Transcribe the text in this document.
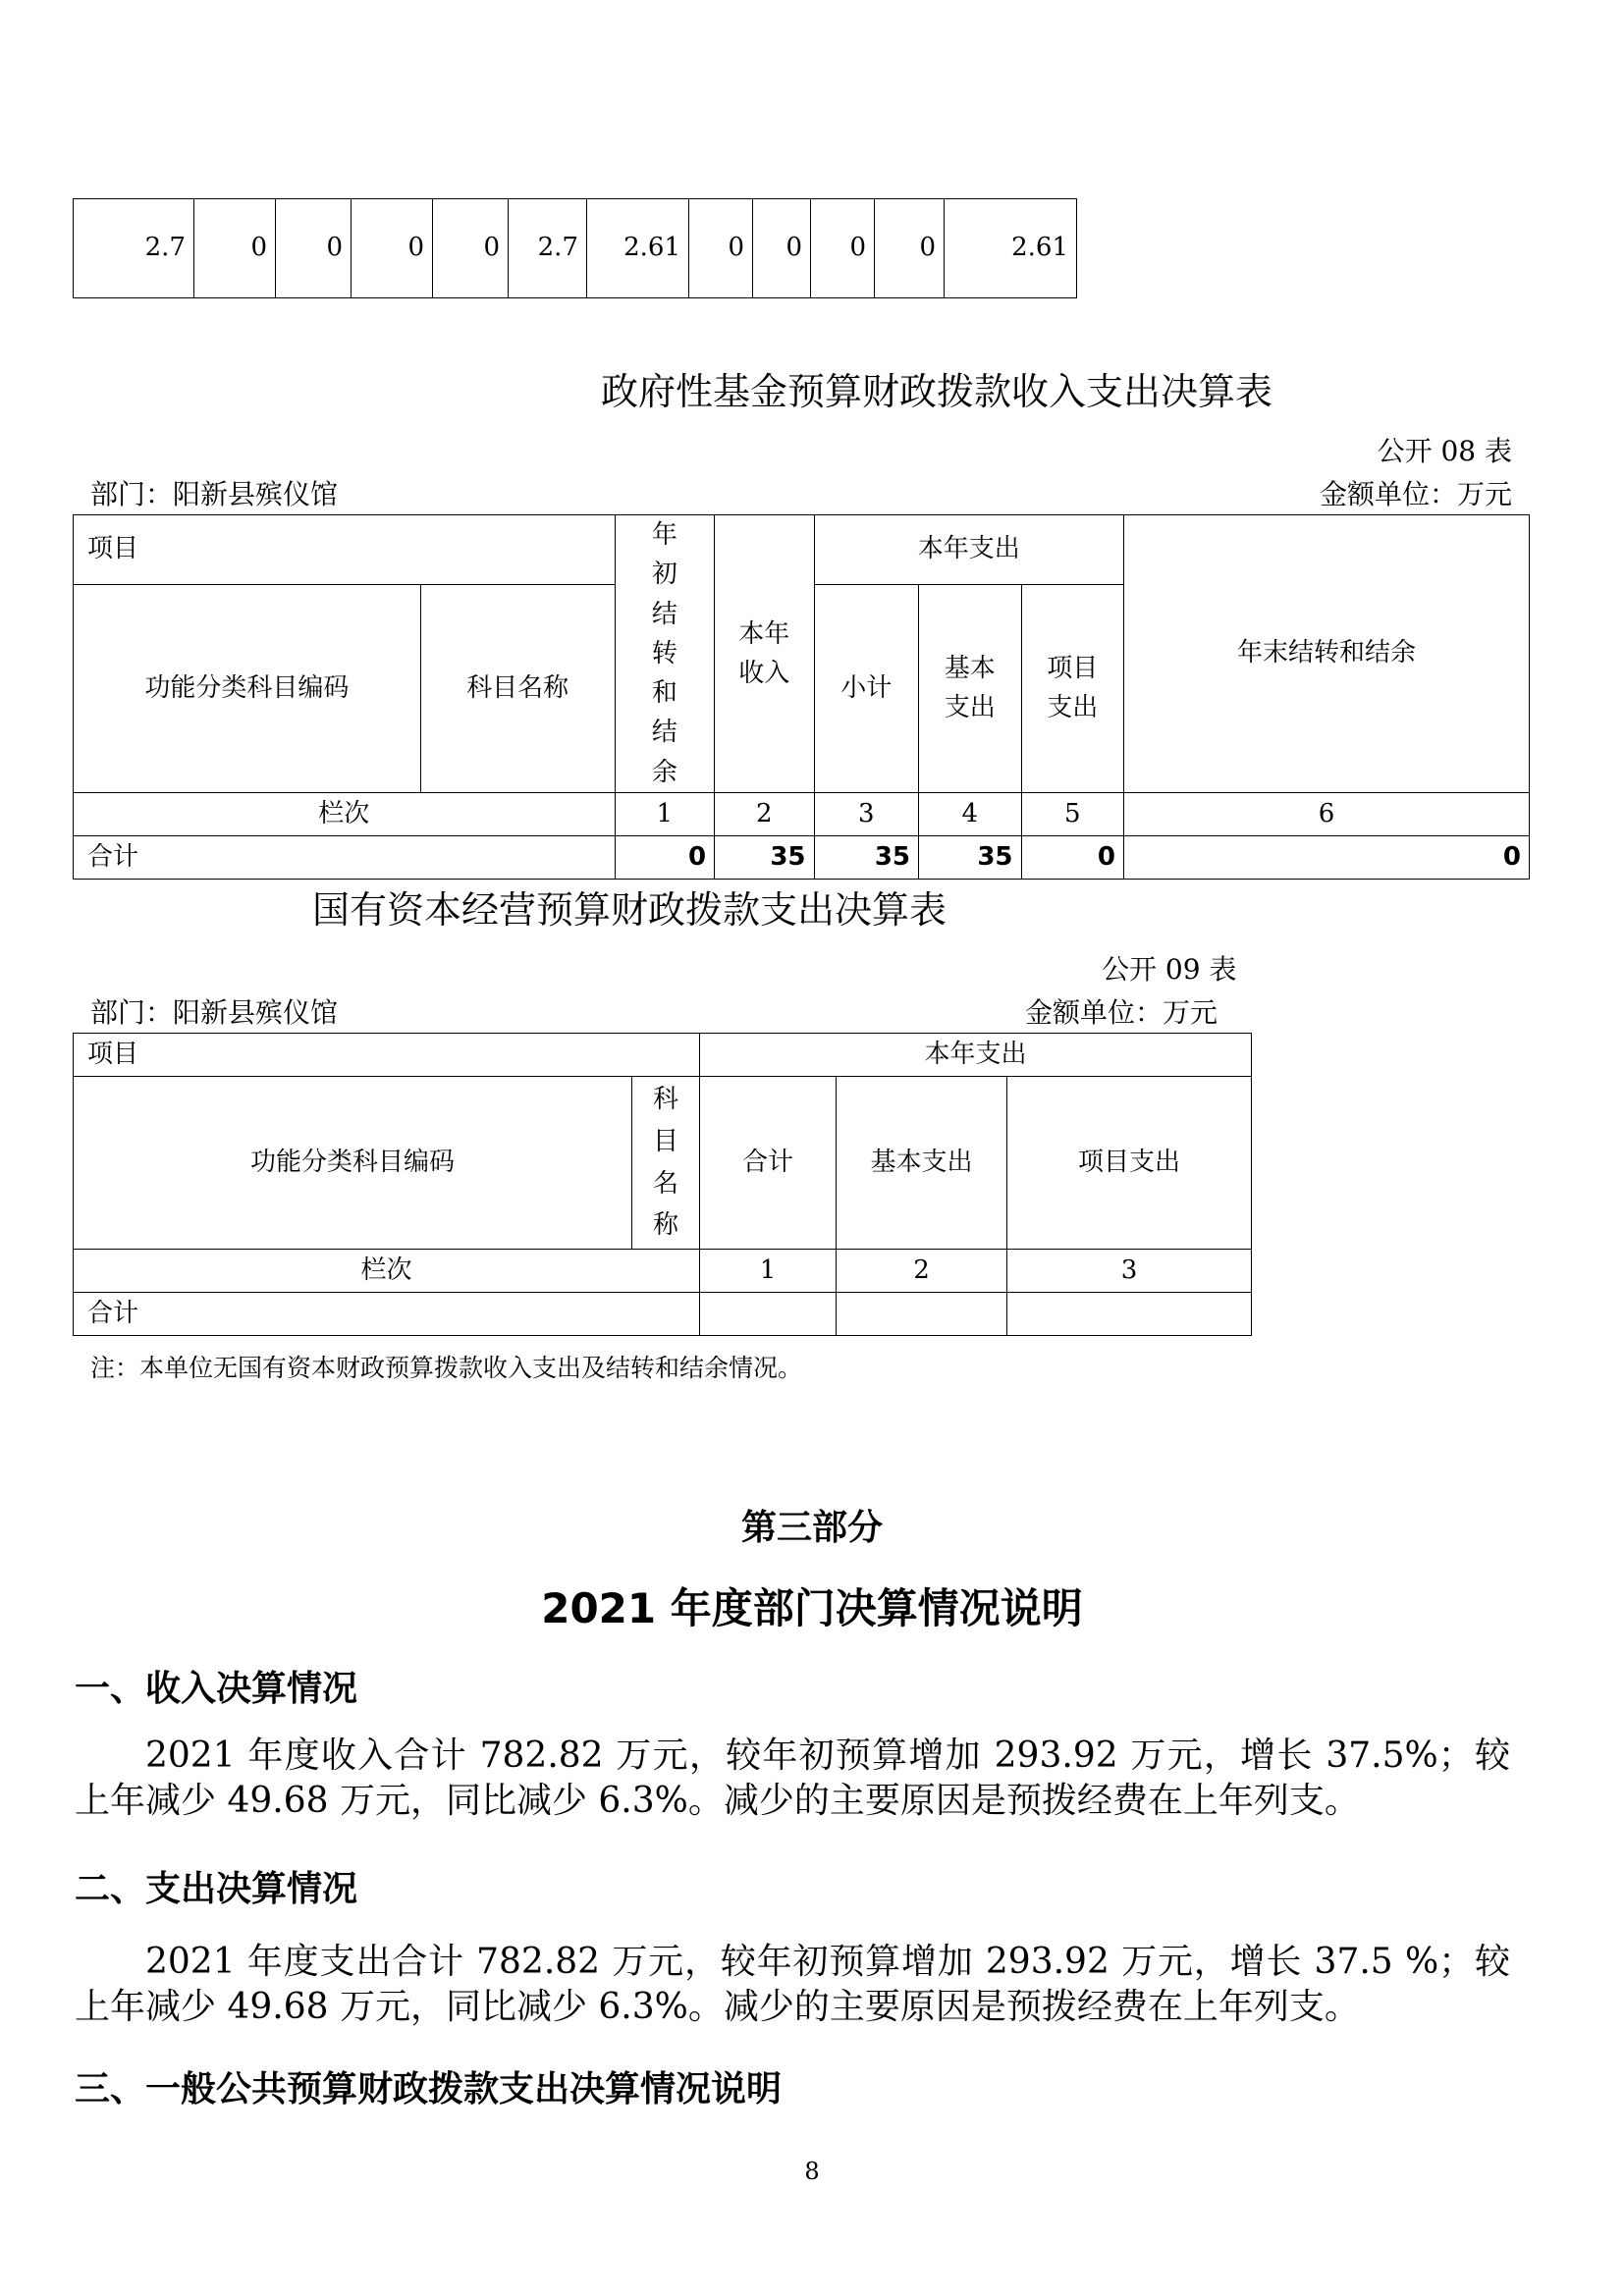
2.7	0	0	0	0	2.7	2.61	0	0	0	0	2.61
政府性基金预算财政拨款收入支出决算表
公开 08 表
部门：阳新县殡仪馆	金额单位：万元
项目		年初结转和结余	本年收入	本年支出			年末结转和结余
功能分类科目编码	科目名称			小计	基本支出	项目支出	
栏次		1	2	3	4	5	6
合计		0	35	35	35	0	0
国有资本经营预算财政拨款支出决算表
公开 09 表
部门：阳新县殡仪馆	金额单位：万元
项目		本年支出		
功能分类科目编码	科目名称	合计	基本支出	项目支出
栏次		1	2	3
合计				
注：本单位无国有资本财政预算拨款收入支出及结转和结余情况。
第三部分
2021 年度部门决算情况说明
一、收入决算情况
2021 年度收入合计 782.82 万元，较年初预算增加 293.92 万元，增长 37.5%；较上年减少 49.68 万元，同比减少 6.3%。减少的主要原因是预拨经费在上年列支。
二、支出决算情况
2021 年度支出合计 782.82 万元，较年初预算增加 293.92 万元，增长 37.5 %；较上年减少 49.68 万元，同比减少 6.3%。减少的主要原因是预拨经费在上年列支。
三、一般公共预算财政拨款支出决算情况说明
8
